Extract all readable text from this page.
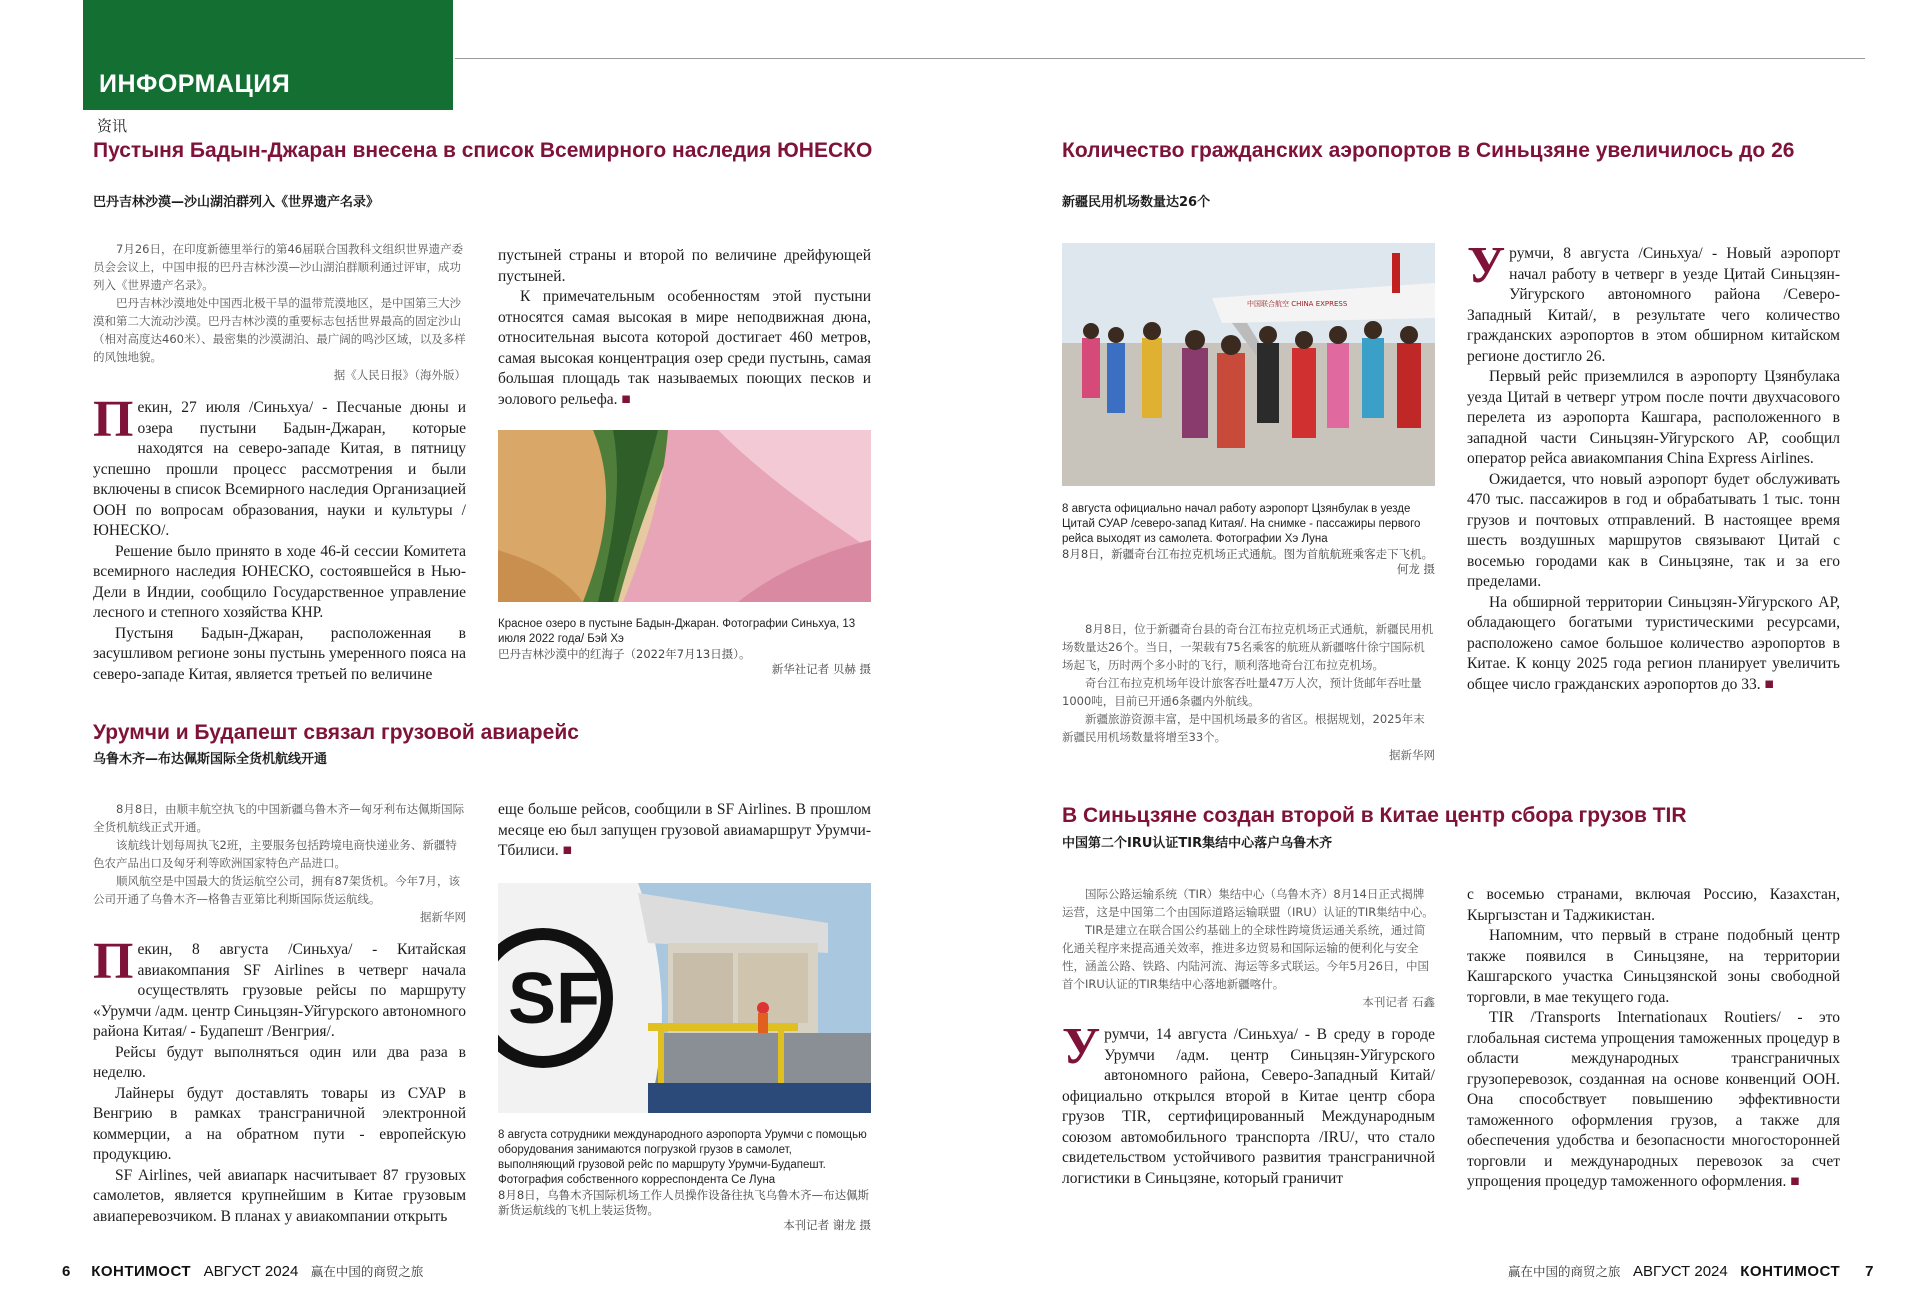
ИНФОРМАЦИЯ
资讯
Пустыня Бадын-Джаран внесена в список Всемирного наследия ЮНЕСКО
巴丹吉林沙漠—沙山湖泊群列入《世界遗产名录》

7月26日，在印度新德里举行的第46届联合国教科文组织世界遗产委员会会议上，中国申报的巴丹吉林沙漠—沙山湖泊群顺利通过评审，成功列入《世界遗产名录》。

巴丹吉林沙漠地处中国西北极干旱的温带荒漠地区，是中国第三大沙漠和第二大流动沙漠。巴丹吉林沙漠的重要标志包括世界最高的固定沙山（相对高度达460米）、最密集的沙漠湖泊、最广阔的鸣沙区域，以及多样的风蚀地貌。

据《人民日报》（海外版）

Пекин, 27 июля /Синьхуа/ - Песчаные дюны и озера пустыни Бадын-Джаран, которые находятся на северо-западе Китая, в пятницу успешно прошли процесс рассмотрения и были включены в список Всемирного наследия Организацией ООН по вопросам образования, науки и культуры /ЮНЕСКО/.

Решение было принято в ходе 46-й сессии Комитета всемирного наследия ЮНЕСКО, состоявшейся в Нью-Дели в Индии, сообщило Государственное управление лесного и степного хозяйства КНР.

Пустыня Бадын-Джаран, расположенная в засушливом регионе зоны пустынь умеренного пояса на северо-западе Китая, является третьей по величине

пустыней страны и второй по величине дрейфующей пустыней.

К примечательным особенностям этой пустыни относятся самая высокая в мире неподвижная дюна, относительная высота которой достигает 460 метров, самая высокая концентрация озер среди пустынь, самая большая площадь так называемых поющих песков и эолового рельефа. ■

Красное озеро в пустыне Бадын-Джаран. Фотографии Синьхуа, 13 июля 2022 года/ Бэй Хэ
巴丹吉林沙漠中的红海子（2022年7月13日摄）。
新华社记者 贝赫 摄
Урумчи и Будапешт связал грузовой авиарейс
乌鲁木齐—布达佩斯国际全货机航线开通

8月8日，由顺丰航空执飞的中国新疆乌鲁木齐—匈牙利布达佩斯国际全货机航线正式开通。

该航线计划每周执飞2班，主要服务包括跨境电商快递业务、新疆特色农产品出口及匈牙利等欧洲国家特色产品进口。

顺风航空是中国最大的货运航空公司，拥有87架货机。今年7月，该公司开通了乌鲁木齐—格鲁吉亚第比利斯国际货运航线。

据新华网

Пекин, 8 августа /Синьхуа/ - Китайская авиакомпания SF Airlines в четверг начала осуществлять грузовые рейсы по маршруту «Урумчи /адм. центр Синьцзян-Уйгурского автономного района Китая/ - Будапешт /Венгрия/.

Рейсы будут выполняться один или два раза в неделю.

Лайнеры будут доставлять товары из СУАР в Венгрию в рамках трансграничной электронной коммерции, а на обратном пути - европейскую продукцию.

SF Airlines, чей авиапарк насчитывает 87 грузовых самолетов, является крупнейшим в Китае грузовым авиаперевозчиком. В планах у авиакомпании открыть

еще больше рейсов, сообщили в SF Airlines. В прошлом месяце ею был запущен грузовой авиамаршрут Урумчи-Тбилиси. ■

SF
8 августа сотрудники международного аэропорта Урумчи с помощью оборудования занимаются погрузкой грузов в самолет, выполняющий грузовой рейс по маршруту Урумчи-Будапешт. Фотография собственного корреспондента Се Луна
8月8日，乌鲁木齐国际机场工作人员操作设备往执飞乌鲁木齐—布达佩斯新货运航线的飞机上装运货物。
本刊记者 谢龙 摄
6 КОНТИМОСТ АВГУСТ 2024 赢在中国的商贸之旅
Количество гражданских аэропортов в Синьцзяне увеличилось до 26
新疆民用机场数量达26个
中国联合航空 CHINA EXPRESS
8 августа официально начал работу аэропорт Цзянбулак в уезде Цитай СУАР /северо-запад Китая/. На снимке - пассажиры первого рейса выходят из самолета. Фотографии Хэ Луна
8月8日，新疆奇台江布拉克机场正式通航。图为首航航班乘客走下飞机。
何龙 摄

8月8日，位于新疆奇台县的奇台江布拉克机场正式通航，新疆民用机场数量达26个。当日，一架载有75名乘客的航班从新疆喀什徐宁国际机场起飞，历时两个多小时的飞行，顺利落地奇台江布拉克机场。

奇台江布拉克机场年设计旅客吞吐量47万人次，预计货邮年吞吐量1000吨，目前已开通6条疆内外航线。

新疆旅游资源丰富，是中国机场最多的省区。根据规划，2025年末新疆民用机场数量将增至33个。

据新华网

Урумчи, 8 августа /Синьхуа/ - Новый аэропорт начал работу в четверг в уезде Цитай Синьцзян-Уйгурского автономного района /Северо-Западный Китай/, в результате чего количество гражданских аэропортов в этом обширном китайском регионе достигло 26.

Первый рейс приземлился в аэропорту Цзянбулака уезда Цитай в четверг утром после почти двухчасового перелета из аэропорта Кашгара, расположенного в западной части Синьцзян-Уйгурского АР, сообщил оператор рейса авиакомпания China Express Airlines.

Ожидается, что новый аэропорт будет обслуживать 470 тыс. пассажиров в год и обрабатывать 1 тыс. тонн грузов и почтовых отправлений. В настоящее время шесть воздушных маршрутов связывают Цитай с восемью городами как в Синьцзяне, так и за его пределами.

На обширной территории Синьцзян-Уйгурского АР, обладающего богатыми туристическими ресурсами, расположено самое большое количество аэропортов в Китае. К концу 2025 года регион планирует увеличить общее число гражданских аэропортов до 33. ■

В Синьцзяне создан второй в Китае центр сбора грузов TIR
中国第二个IRU认证TIR集结中心落户乌鲁木齐

国际公路运输系统（TIR）集结中心（乌鲁木齐）8月14日正式揭牌运营，这是中国第二个由国际道路运输联盟（IRU）认证的TIR集结中心。

TIR是建立在联合国公约基础上的全球性跨境货运通关系统，通过简化通关程序来提高通关效率，推进多边贸易和国际运输的便利化与安全性，涵盖公路、铁路、内陆河流、海运等多式联运。今年5月26日，中国首个IRU认证的TIR集结中心落地新疆喀什。

本刊记者 石鑫

Урумчи, 14 августа /Синьхуа/ - В среду в городе Урумчи /адм. центр Синьцзян-Уйгурского автономного района, Северо-Западный Китай/ официально открылся второй в Китае центр сбора грузов TIR, сертифицированный Международным союзом автомобильного транспорта /IRU/, что стало свидетельством устойчивого развития трансграничной логистики в Синьцзяне, который граничит

с восемью странами, включая Россию, Казахстан, Кыргызстан и Таджикистан.

Напомним, что первый в стране подобный центр также появился в Синьцзяне, на территории Кашгарского участка Синьцзянской зоны свободной торговли, в мае текущего года.

TIR /Transports Internationaux Routiers/ - это глобальная система упрощения таможенных процедур в области международных трансграничных грузоперевозок, созданная на основе конвенций ООН. Она способствует повышению эффективности таможенного оформления грузов, а также для обеспечения удобства и безопасности многосторонней торговли и международных перевозок за счет упрощения процедур таможенного оформления. ■

赢在中国的商贸之旅 АВГУСТ 2024 КОНТИМОСТ 7
